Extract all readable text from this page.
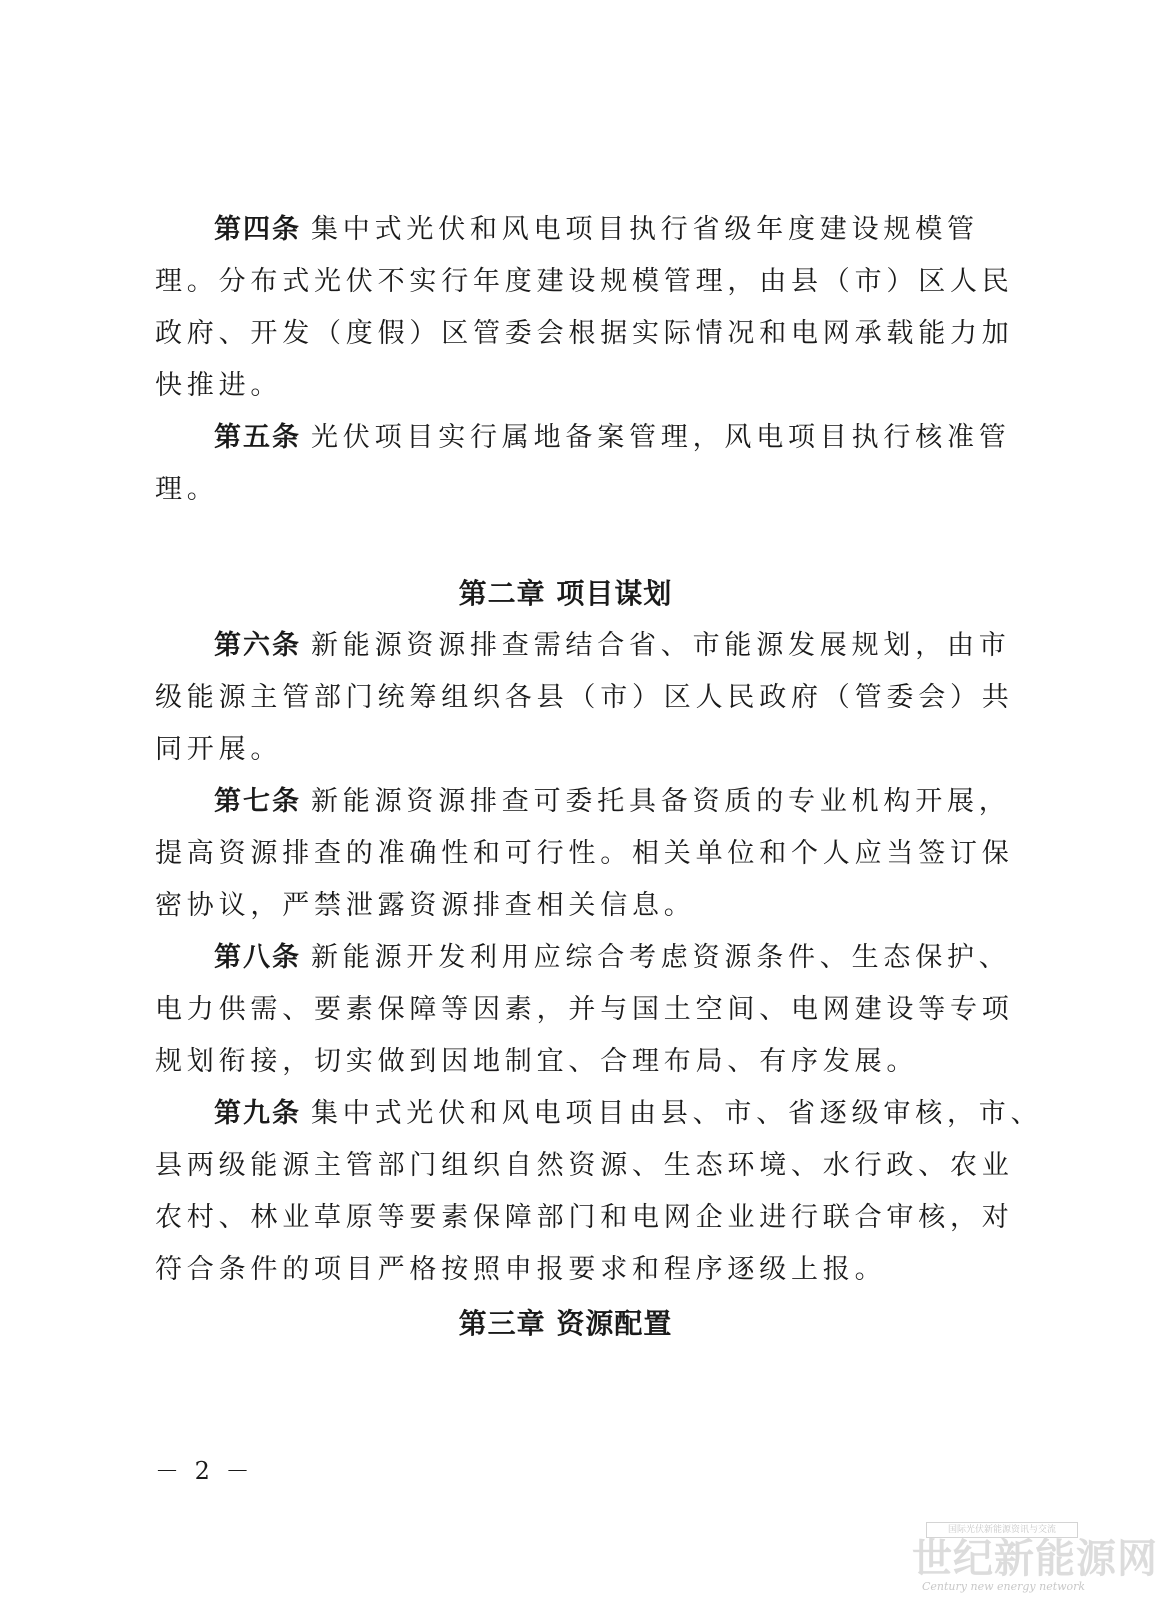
第四条 集中式光伏和风电项目执行省级年度建设规模管
理。分布式光伏不实行年度建设规模管理，由县（市）区人民
政府、开发（度假）区管委会根据实际情况和电网承载能力加
快推进。
第五条 光伏项目实行属地备案管理，风电项目执行核准管
理。
第二章 项目谋划
第六条 新能源资源排查需结合省、市能源发展规划，由市
级能源主管部门统筹组织各县（市）区人民政府（管委会）共
同开展。
第七条 新能源资源排查可委托具备资质的专业机构开展，
提高资源排查的准确性和可行性。相关单位和个人应当签订保
密协议，严禁泄露资源排查相关信息。
第八条 新能源开发利用应综合考虑资源条件、生态保护、
电力供需、要素保障等因素，并与国土空间、电网建设等专项
规划衔接，切实做到因地制宜、合理布局、有序发展。
第九条 集中式光伏和风电项目由县、市、省逐级审核，市、
县两级能源主管部门组织自然资源、生态环境、水行政、农业
农村、林业草原等要素保障部门和电网企业进行联合审核，对
符合条件的项目严格按照申报要求和程序逐级上报。
第三章 资源配置
－ 2 －
国际光伏新能源资讯与交流
世纪新能源网
Century new energy network
